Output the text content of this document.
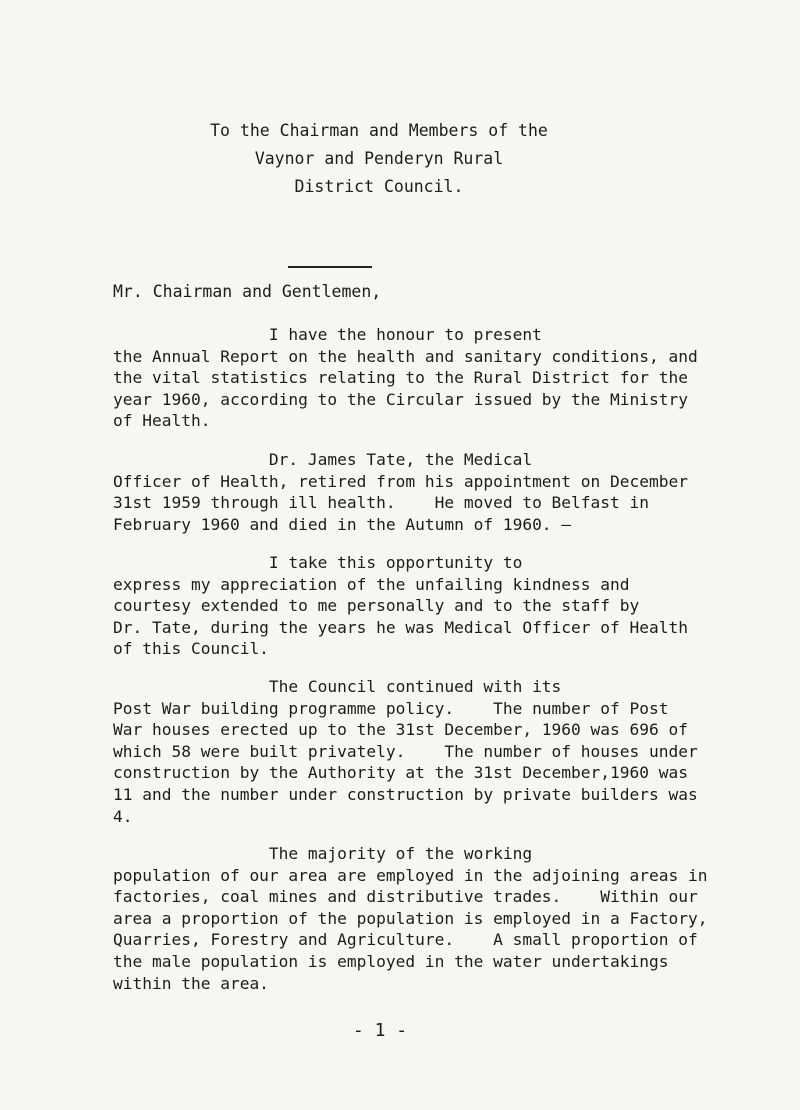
To the Chairman and Members of the
Vaynor and Penderyn Rural
District Council.
Mr. Chairman and Gentlemen,

I have the honour to present
the Annual Report on the health and sanitary conditions, and
the vital statistics relating to the Rural District for the
year 1960, according to the Circular issued by the Ministry
of Health.

Dr. James Tate, the Medical
Officer of Health, retired from his appointment on December
31st 1959 through ill health.    He moved to Belfast in
February 1960 and died in the Autumn of 1960. —

I take this opportunity to
express my appreciation of the unfailing kindness and
courtesy extended to me personally and to the staff by
Dr. Tate, during the years he was Medical Officer of Health
of this Council.

The Council continued with its
Post War building programme policy.    The number of Post
War houses erected up to the 31st December, 1960 was 696 of
which 58 were built privately.    The number of houses under
construction by the Authority at the 31st December,1960 was
11 and the number under construction by private builders was
4.

The majority of the working
population of our area are employed in the adjoining areas in
factories, coal mines and distributive trades.    Within our
area a proportion of the population is employed in a Factory,
Quarries, Forestry and Agriculture.    A small proportion of
the male population is employed in the water undertakings
within the area.

- 1 -
